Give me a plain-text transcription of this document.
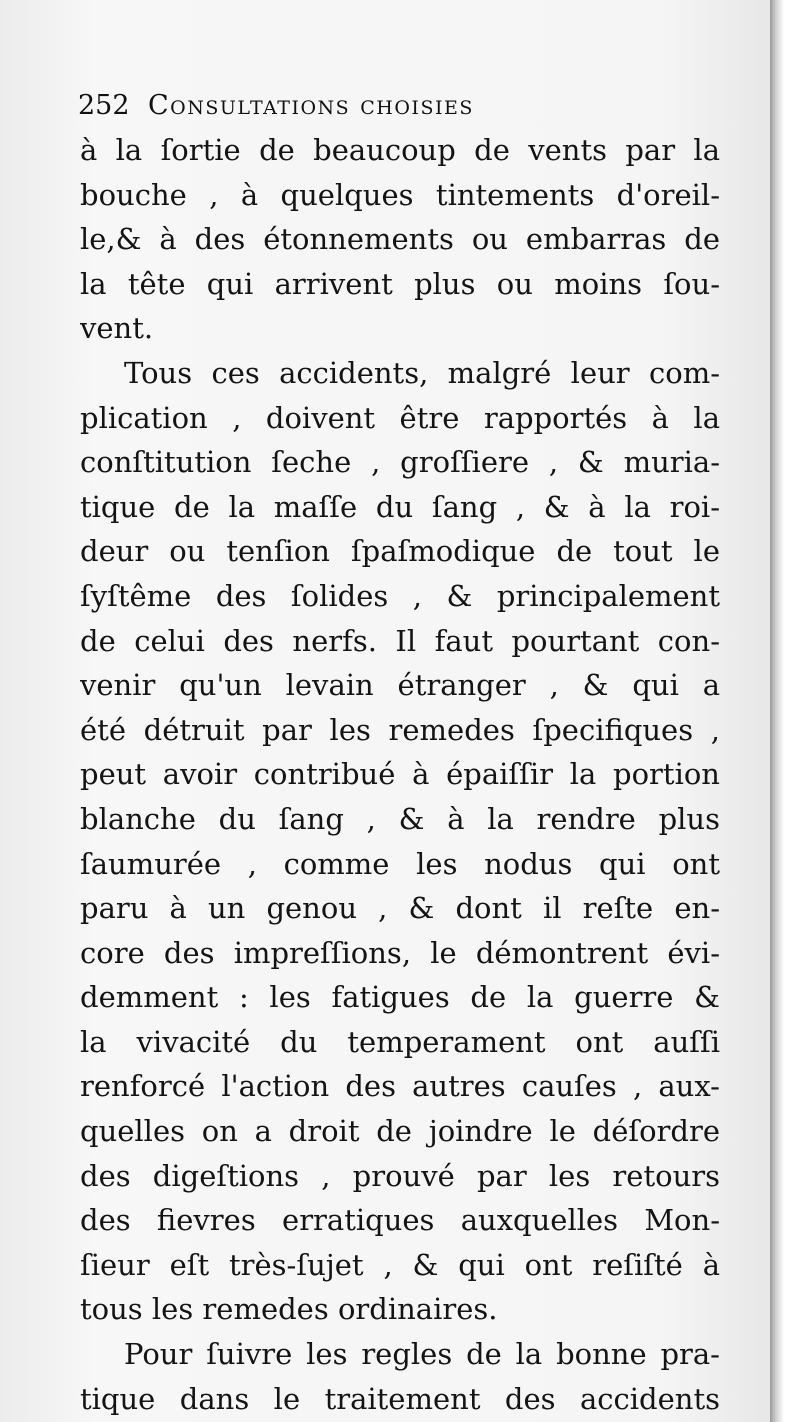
252 Consultations choisies
à la ſortie de beaucoup de vents par la
bouche , à quelques tintements d'oreil-
le,& à des étonnements ou embarras de
la tête qui arrivent plus ou moins ſou-
vent.
Tous ces accidents, malgré leur com-
plication , doivent être rapportés à la
conſtitution ſeche , groſſiere , & muria-
tique de la maſſe du ſang , & à la roi-
deur ou tenſion ſpaſmodique de tout le
ſyſtême des ſolides , & principalement
de celui des nerfs. Il faut pourtant con-
venir qu'un levain étranger , & qui a
été détruit par les remedes ſpecifiques ,
peut avoir contribué à épaiſſir la portion
blanche du ſang , & à la rendre plus
ſaumurée , comme les nodus qui ont
paru à un genou , & dont il reſte en-
core des impreſſions, le démontrent évi-
demment : les fatigues de la guerre &
la vivacité du temperament ont auſſi
renforcé l'action des autres cauſes , aux-
quelles on a droit de joindre le déſordre
des digeſtions , prouvé par les retours
des fievres erratiques auxquelles Mon-
ſieur eſt très-ſujet , & qui ont reſiſté à
tous les remedes ordinaires.
Pour ſuivre les regles de la bonne pra-
tique dans le traitement des accidents
